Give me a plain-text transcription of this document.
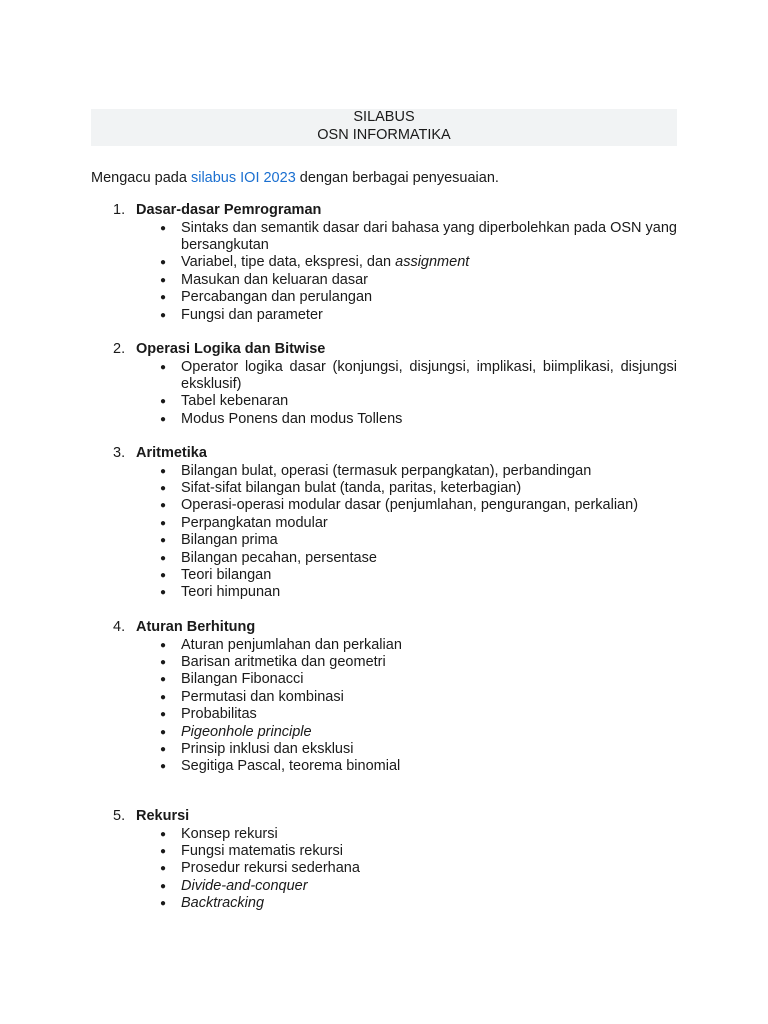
SILABUS
OSN INFORMATIKA
Mengacu pada silabus IOI 2023 dengan berbagai penyesuaian.
1. Dasar-dasar Pemrograman
● Sintaks dan semantik dasar dari bahasa yang diperbolehkan pada OSN yang bersangkutan
● Variabel, tipe data, ekspresi, dan assignment
● Masukan dan keluaran dasar
● Percabangan dan perulangan
● Fungsi dan parameter
2. Operasi Logika dan Bitwise
● Operator logika dasar (konjungsi, disjungsi, implikasi, biimplikasi, disjungsi eksklusif)
● Tabel kebenaran
● Modus Ponens dan modus Tollens
3. Aritmetika
● Bilangan bulat, operasi (termasuk perpangkatan), perbandingan
● Sifat-sifat bilangan bulat (tanda, paritas, keterbagian)
● Operasi-operasi modular dasar (penjumlahan, pengurangan, perkalian)
● Perpangkatan modular
● Bilangan prima
● Bilangan pecahan, persentase
● Teori bilangan
● Teori himpunan
4. Aturan Berhitung
● Aturan penjumlahan dan perkalian
● Barisan aritmetika dan geometri
● Bilangan Fibonacci
● Permutasi dan kombinasi
● Probabilitas
● Pigeonhole principle
● Prinsip inklusi dan eksklusi
● Segitiga Pascal, teorema binomial
5. Rekursi
● Konsep rekursi
● Fungsi matematis rekursi
● Prosedur rekursi sederhana
● Divide-and-conquer
● Backtracking
